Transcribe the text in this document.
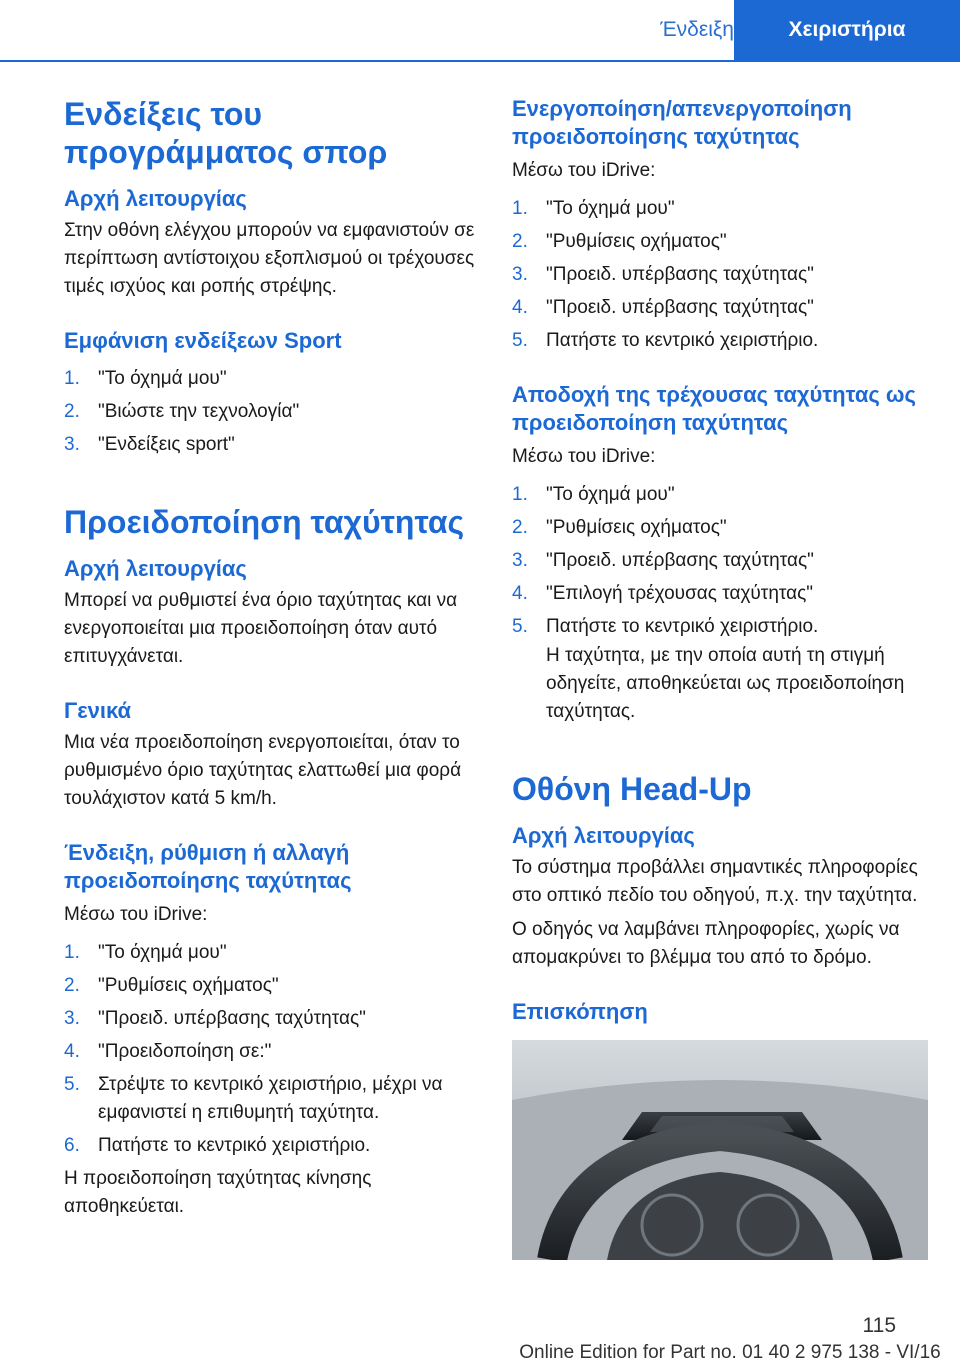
Ένδειξη	Χειριστήρια
Ενδείξεις του προγράμματος σπορ
Αρχή λειτουργίας
Στην οθόνη ελέγχου μπορούν να εμφανιστούν σε περίπτωση αντίστοιχου εξοπλισμού οι τρέχουσες τιμές ισχύος και ροπής στρέψης.
Εμφάνιση ενδείξεων Sport
1. "Το όχημά μου"
2. "Βιώστε την τεχνολογία"
3. "Ενδείξεις sport"
Προειδοποίηση ταχύτητας
Αρχή λειτουργίας
Μπορεί να ρυθμιστεί ένα όριο ταχύτητας και να ενεργοποιείται μια προειδοποίηση όταν αυτό επιτυγχάνεται.
Γενικά
Μια νέα προειδοποίηση ενεργοποιείται, όταν το ρυθμισμένο όριο ταχύτητας ελαττωθεί μια φορά τουλάχιστον κατά 5 km/h.
Ένδειξη, ρύθμιση ή αλλαγή προειδοποίησης ταχύτητας
Μέσω του iDrive:
1. "Το όχημά μου"
2. "Ρυθμίσεις οχήματος"
3. "Προειδ. υπέρβασης ταχύτητας"
4. "Προειδοποίηση σε:"
5. Στρέψτε το κεντρικό χειριστήριο, μέχρι να εμφανιστεί η επιθυμητή ταχύτητα.
6. Πατήστε το κεντρικό χειριστήριο.
Η προειδοποίηση ταχύτητας κίνησης αποθηκεύεται.
Ενεργοποίηση/απενεργοποίηση προειδοποίησης ταχύτητας
Μέσω του iDrive:
1. "Το όχημά μου"
2. "Ρυθμίσεις οχήματος"
3. "Προειδ. υπέρβασης ταχύτητας"
4. "Προειδ. υπέρβασης ταχύτητας"
5. Πατήστε το κεντρικό χειριστήριο.
Αποδοχή της τρέχουσας ταχύτητας ως προειδοποίηση ταχύτητας
Μέσω του iDrive:
1. "Το όχημά μου"
2. "Ρυθμίσεις οχήματος"
3. "Προειδ. υπέρβασης ταχύτητας"
4. "Επιλογή τρέχουσας ταχύτητας"
5. Πατήστε το κεντρικό χειριστήριο.
Η ταχύτητα, με την οποία αυτή τη στιγμή οδηγείτε, αποθηκεύεται ως προειδοποίηση ταχύτητας.
Οθόνη Head-Up
Αρχή λειτουργίας
Το σύστημα προβάλλει σημαντικές πληροφορίες στο οπτικό πεδίο του οδηγού, π.χ. την ταχύτητα.
Ο οδηγός να λαμβάνει πληροφορίες, χωρίς να απομακρύνει το βλέμμα του από το δρόμο.
Επισκόπηση
115
Online Edition for Part no. 01 40 2 975 138 - VI/16
